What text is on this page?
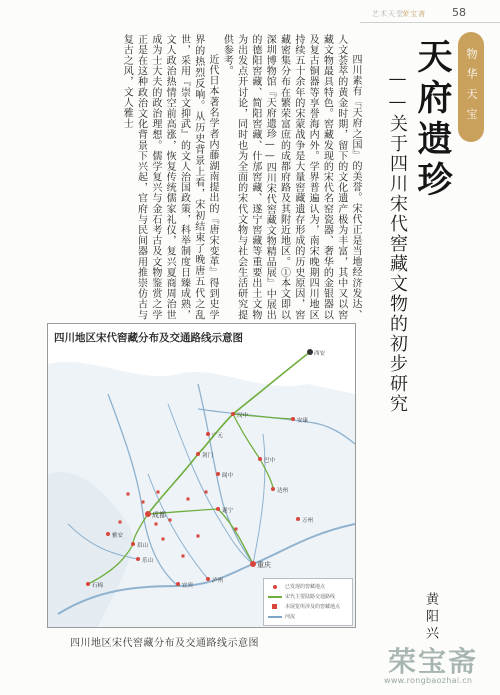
艺术天堂
荣宝斋 58
物华天宝
天府遗珍
——关于四川宋代窖藏文物的初步研究

四川素有『天府之国』的美誉。宋代正是当地经济发达、人文荟萃的黄金时期，留下的文化遗产极为丰富，其中又以窖藏文物最具特色。窖藏发现的宋代名窑瓷器、奢华的金银器以及复古铜器等享誉海内外。学界普遍认为，南宋晚期四川地区持续五十余年的宋蒙战争是大量窖藏遗存形成的历史原因，窖藏密集分布在繁荣富庶的成都府路及其附近地区。①本文即以深圳博物馆『天府遗珍——四川宋代窖藏文物精品展』中展出的德阳窖藏、简阳窖藏、什邡窖藏、遂宁窖藏等重要出土文物为出发点开讨论，同时也为全面的宋代文物与社会生活研究提供参考。

近代日本著名学者内藤湖南提出的『唐宋变革』得到史学界的热烈反响。从历史背景上看，宋初结束了晚唐五代之乱世，采用『崇文抑武』的文人治国政策，科举制度日臻成熟，文人政治热情空前高涨，恢复传统儒家礼仪，复兴夏商周治世成为士大夫的政治理想。儒学复兴与金石考古及文物鉴赏之学正是在这种政治文化背景下兴起，官府与民间器用推崇仿古与复古之风，文人雅士

西安
汉中
剑门
广元
巴中
阆中
成都	遂宁
重庆
泸州
宜宾
眉山
乐山
雅安
安康
达州
万州
石棉
四川地区宋代窖藏分布及交通路线示意图
已发现的窖藏地点
宋代主要陆路交通路线
本展览所涉及的窖藏地点
河流
四川地区宋代窖藏分布及交通路线示意图
黄阳兴
荣宝斋
www.rongbaozhai.cn
